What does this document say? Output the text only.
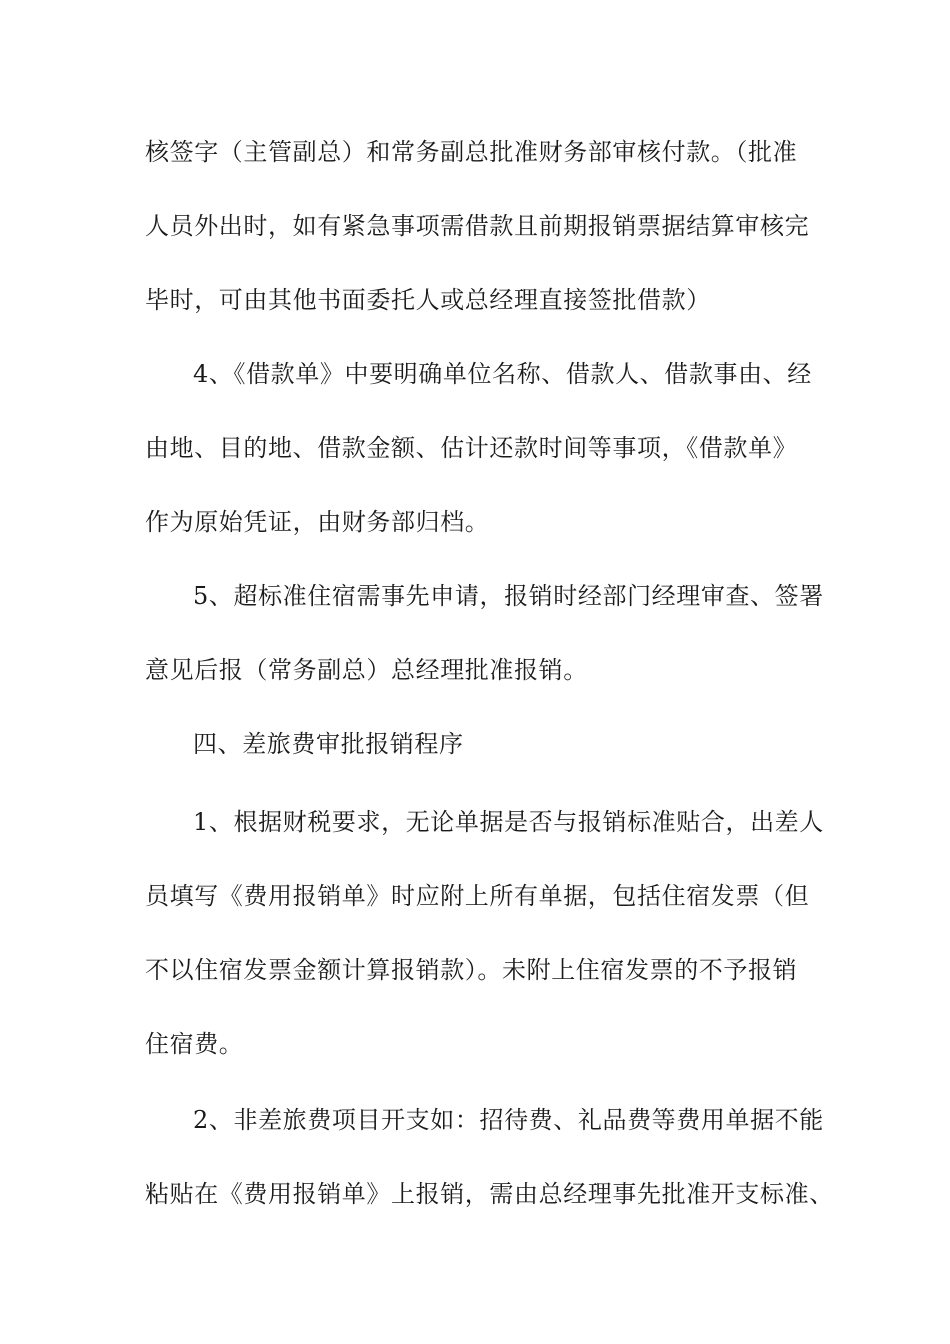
核签字（主管副总）和常务副总批准财务部审核付款。（批准

人员外出时，如有紧急事项需借款且前期报销票据结算审核完

毕时，可由其他书面委托人或总经理直接签批借款）

4、《借款单》中要明确单位名称、借款人、借款事由、经

由地、目的地、借款金额、估计还款时间等事项，《借款单》

作为原始凭证，由财务部归档。

5、超标准住宿需事先申请，报销时经部门经理审查、签署

意见后报（常务副总）总经理批准报销。

四、差旅费审批报销程序

1、根据财税要求，无论单据是否与报销标准贴合，出差人

员填写《费用报销单》时应附上所有单据，包括住宿发票（但

不以住宿发票金额计算报销款）。未附上住宿发票的不予报销

住宿费。

2、非差旅费项目开支如：招待费、礼品费等费用单据不能

粘贴在《费用报销单》上报销，需由总经理事先批准开支标准、
